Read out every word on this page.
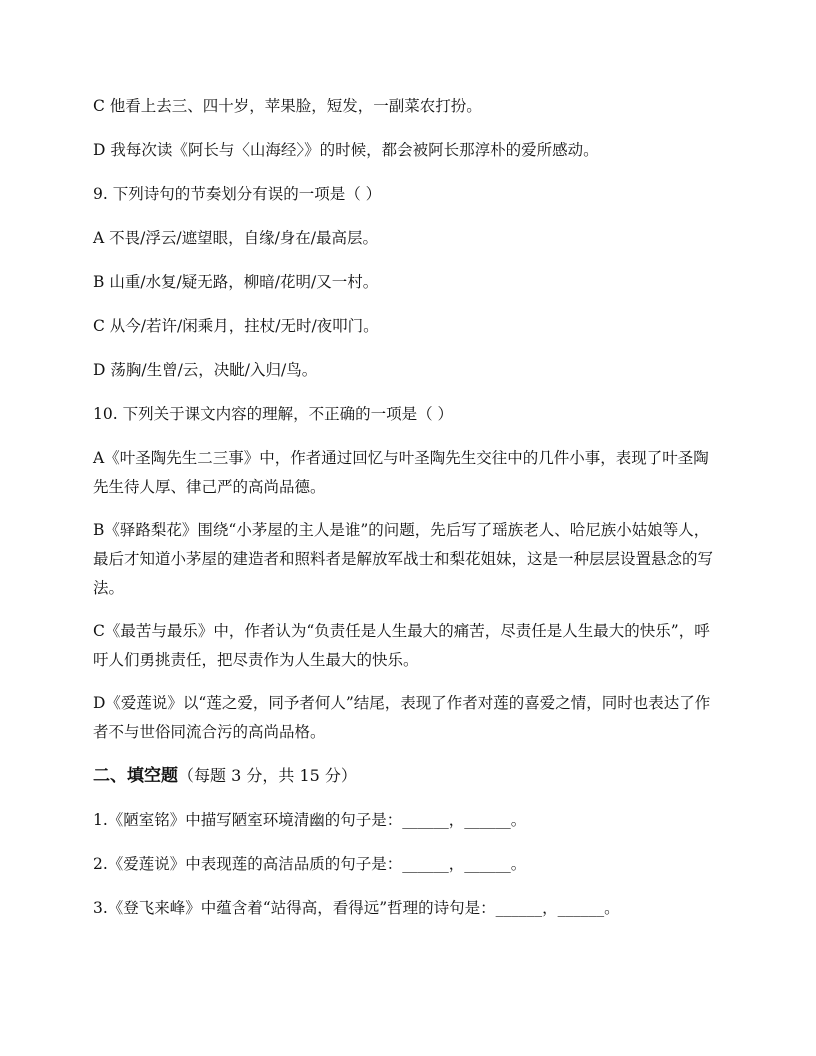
C 他看上去三、四十岁，苹果脸，短发，一副菜农打扮。

D 我每次读《阿长与〈山海经〉》的时候，都会被阿长那淳朴的爱所感动。

9. 下列诗句的节奏划分有误的一项是（ ）

A 不畏/浮云/遮望眼，自缘/身在/最高层。

B 山重/水复/疑无路，柳暗/花明/又一村。

C 从今/若许/闲乘月，拄杖/无时/夜叩门。

D 荡胸/生曾/云，决眦/入归/鸟。

10. 下列关于课文内容的理解，不正确的一项是（ ）

A《叶圣陶先生二三事》中，作者通过回忆与叶圣陶先生交往中的几件小事，表现了叶圣陶先生待人厚、律己严的高尚品德。

B《驿路梨花》围绕“小茅屋的主人是谁”的问题，先后写了瑶族老人、哈尼族小姑娘等人，最后才知道小茅屋的建造者和照料者是解放军战士和梨花姐妹，这是一种层层设置悬念的写法。

C《最苦与最乐》中，作者认为“负责任是人生最大的痛苦，尽责任是人生最大的快乐”，呼吁人们勇挑责任，把尽责作为人生最大的快乐。

D《爱莲说》以“莲之爱，同予者何人”结尾，表现了作者对莲的喜爱之情，同时也表达了作者不与世俗同流合污的高尚品格。

二、填空题（每题 3 分，共 15 分）

1.《陋室铭》中描写陋室环境清幽的句子是：______，______。

2.《爱莲说》中表现莲的高洁品质的句子是：______，______。

3.《登飞来峰》中蕴含着“站得高，看得远”哲理的诗句是：______，______。
